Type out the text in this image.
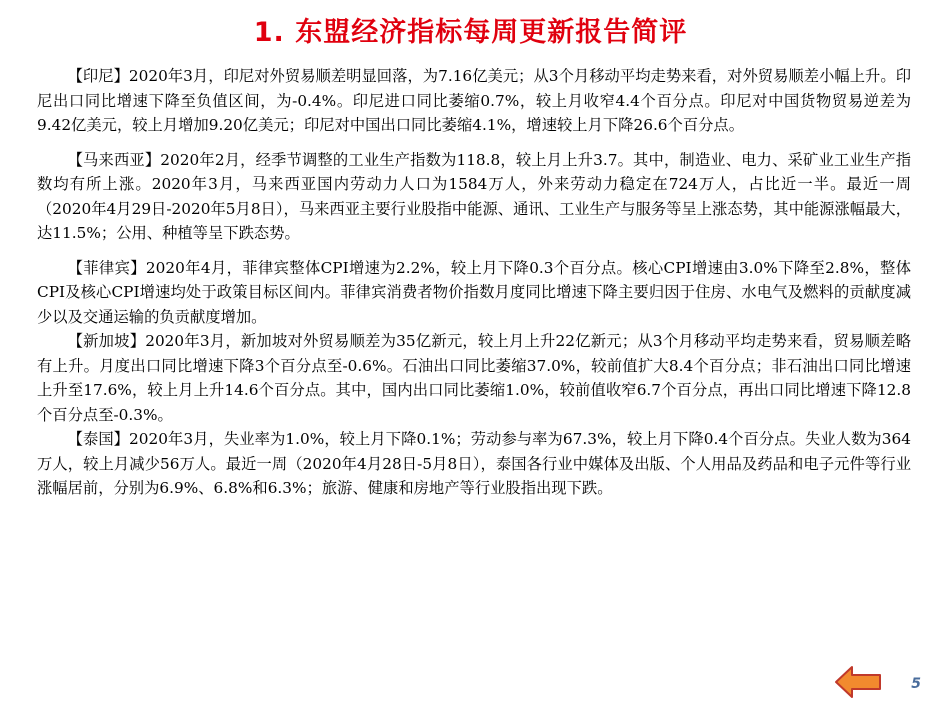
1. 东盟经济指标每周更新报告简评

【印尼】2020年3月，印尼对外贸易顺差明显回落，为7.16亿美元；从3个月移动平均走势来看，对外贸易顺差小幅上升。印尼出口同比增速下降至负值区间，为-0.4%。印尼进口同比萎缩0.7%，较上月收窄4.4个百分点。印尼对中国货物贸易逆差为9.42亿美元，较上月增加9.20亿美元；印尼对中国出口同比萎缩4.1%，增速较上月下降26.6个百分点。

【马来西亚】2020年2月，经季节调整的工业生产指数为118.8，较上月上升3.7。其中，制造业、电力、采矿业工业生产指数均有所上涨。2020年3月，马来西亚国内劳动力人口为1584万人，外来劳动力稳定在724万人，占比近一半。最近一周（2020年4月29日-2020年5月8日），马来西亚主要行业股指中能源、通讯、工业生产与服务等呈上涨态势，其中能源涨幅最大，达11.5%；公用、种植等呈下跌态势。

【菲律宾】2020年4月，菲律宾整体CPI增速为2.2%，较上月下降0.3个百分点。核心CPI增速由3.0%下降至2.8%，整体CPI及核心CPI增速均处于政策目标区间内。菲律宾消费者物价指数月度同比增速下降主要归因于住房、水电气及燃料的贡献度减少以及交通运输的负贡献度增加。

【新加坡】2020年3月，新加坡对外贸易顺差为35亿新元，较上月上升22亿新元；从3个月移动平均走势来看，贸易顺差略有上升。月度出口同比增速下降3个百分点至-0.6%。石油出口同比萎缩37.0%，较前值扩大8.4个百分点；非石油出口同比增速上升至17.6%，较上月上升14.6个百分点。其中，国内出口同比萎缩1.0%，较前值收窄6.7个百分点，再出口同比增速下降12.8个百分点至-0.3%。

【泰国】2020年3月，失业率为1.0%，较上月下降0.1%；劳动参与率为67.3%，较上月下降0.4个百分点。失业人数为364万人，较上月减少56万人。最近一周（2020年4月28日-5月8日），泰国各行业中媒体及出版、个人用品及药品和电子元件等行业涨幅居前，分别为6.9%、6.8%和6.3%；旅游、健康和房地产等行业股指出现下跌。

5
